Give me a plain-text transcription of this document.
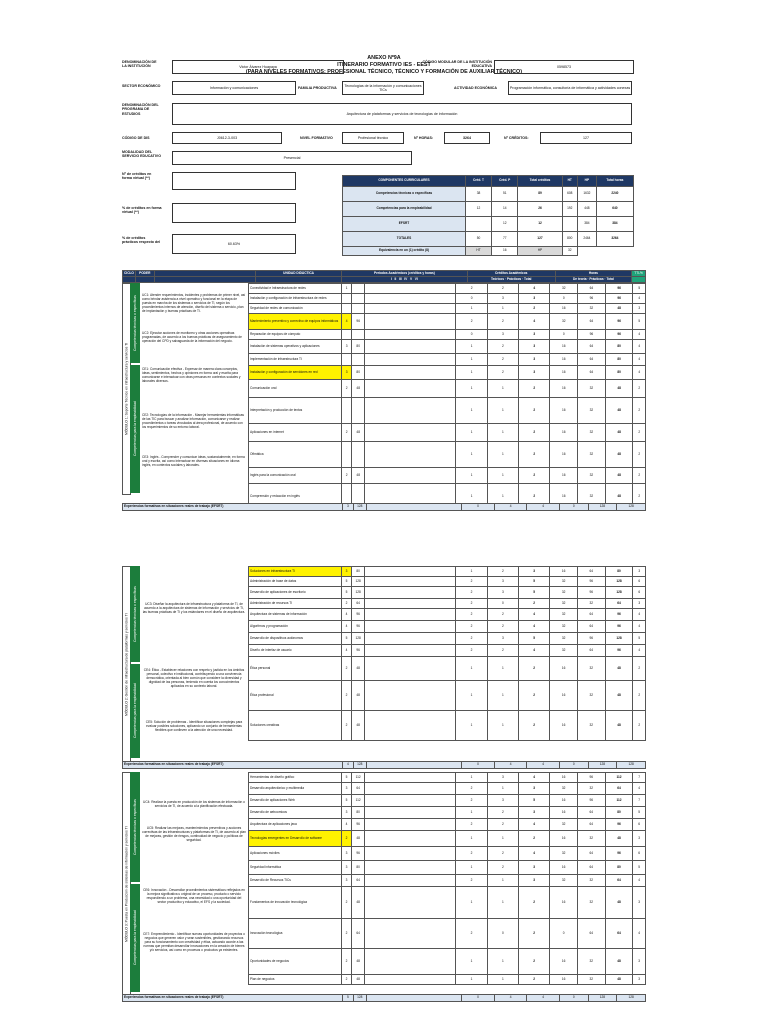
ANEXO Nº9A
ITINERARIO FORMATIVO IES - EEST
(PARA NIVELES FORMATIVOS: PROFESIONAL TÉCNICO, TÉCNICO Y FORMACIÓN DE AUXILIAR TÉCNICO)
DENOMINACIÓN DE LA INSTITUCIÓN	Victor Álvarez Huapaya
CÓDIGO MODULAR DE LA INSTITUCIÓN EDUCATIVA	0598573
SECTOR ECONÓMICO	Información y comunicaciones	FAMILIA PRODUCTIVA	Tecnologías de la información y comunicaciones TICs	ACTIVIDAD ECONÓMICA	Programación informática, consultoría de informática y actividades conexas
DENOMINACIÓN DEL PROGRAMA DE ESTUDIOS	Arquitectura de plataformas y servicios de tecnologías de información
CÓDIGO DE DIS	J0612-3-003	NIVEL FORMATIVO	Profesional técnico	Nº HORAS:	3264	Nº CRÉDITOS:	127
MODALIDAD DEL SERVICIO EDUCATIVO	Presencial
Nº de créditos en forma virtual (**)
% de créditos en forma virtual (**)
% de créditos prácticos respecto del	60.63%
COMPONENTES CURRICULARES	Créd. T	Créd. P	Total créditos	HT	HP	Total horas
Competencias técnicas o específicas	38	51	89	608	1632	2240
Competencias para la empleabilidad	12	14	26	192	448	640
EFSRT		12	12		384	384
TOTALES	50	77	127	800	2464	3264
Equivalencia en un (1) crédito (8)	HT	16	HP	32		
CICLO	PODER		UNIDAD DIDÁCTICA	Periodos Académicos (créditos y horas)	Créditos Académicos	Horas	TTL%
				I II III IV V VI	Teóricos · Prácticos · Total	De teoría · Prácticas · Total	
MÓDULO 1: Soporte Técnico en infraestructura y servicios TI
Competencias técnicas o específicas
Competencias para la empleabilidad
UC1: Atender requerimientos, incidentes y problemas de primer nivel, así como brindar asistencia a nivel operativo y funcional en la etapa de puesta en marcha de los sistemas o servicios de TI, según los procedimientos internos de atención, diseño del sistema o servicio, plan de implantación y buenas prácticas de TI.
UC2: Ejecutar acciones de monitoreo y otras acciones operativas programadas, de acuerdo a los buenas prácticas de aseguramiento de operación del CPD y salvaguarda de la información del negocio.
CE1: Comunicación efectiva - Expresar de manera clara conceptos, ideas, sentimientos, hechos y opiniones en forma oral y escrita para comunicarse e interactuar con otras personas en contextos sociales y laborales diversos.
CE2: Tecnologías de la información - Manejar herramientas informáticas de las TIC para buscar y analizar información, comunicarse y realizar procedimientos o tareas vinculados al área profesional, de acuerdo con los requerimientos de su entorno laboral.
CE3: Inglés - Comprender y comunicar ideas, sustancialmente, en forma oral y escrita, así como interactuar en diversas situaciones en idioma inglés, en contextos sociales y laborales.
Conectividad e Infraestructura de redes	1			2	2	4	32	64	96	5
Instalación y configuración de infraestructura de redes				0	3	3	0	96	96	4
Seguridad de redes de comunicación				1	1	2	16	32	48	3
Mantenimiento preventivo y correctivo de equipos informáticos	4	96		2	2	4	32	64	96	5
Reparación de equipos de cómputo				0	3	3	0	96	96	4
Instalación de sistemas operativos y aplicaciones	3	80		1	2	3	16	64	80	4
Implementación de infraestructura TI				1	2	3	16	64	80	4
Instalación y configuración de servidores en red	3	80		1	2	3	16	64	80	4
Comunicación oral	2	48		1	1	2	16	32	48	2
Interpretación y producción de textos				1	1	2	16	32	48	2
Aplicaciones en internet	2	48		1	1	2	16	32	48	2
Ofimática				1	1	2	16	32	48	2
Inglés para la comunicación oral	2	48		1	1	2	16	32	48	2
Comprensión y redacción en inglés				1	1	2	16	32	48	2
Experiencias formativas en situaciones reales de trabajo (EFSRT)	3	128		0	4	4	0	128	128
MÓDULO 2: Gestión de infraestructura de plataformas y servicios TI	Competencias técnicas o específicas
Competencias para la empleabilidad
UC3: Diseñar la arquitectura de infraestructura y plataforma de TI, de acuerdo a la arquitectura de sistemas de información y servicios de TI, las buenas prácticas de TI y los estándares en el diseño de arquitectura.
CE4: Ética - Establecer relaciones con respeto y justicia en los ámbitos personal, colectivo e institucional, contribuyendo a una convivencia democrática, orientada al bien común que considere la diversidad y dignidad de las personas, teniendo en cuenta los conocimientos aplicados en su contexto laboral.
CE5: Solución de problemas - Identificar situaciones complejas para evaluar posibles soluciones, aplicando un conjunto de herramientas flexibles que conlleven a la atención de una necesidad.
Soluciones en infraestructura TI	3	80		1	2	3	16	64	80	3
Administración de base de datos	5	128		2	3	5	32	96	128	6
Desarrollo de aplicaciones de escritorio	5	128		2	3	5	32	96	128	6
Administración de recursos TI	2	64		2	0	2	32	32	64	3
Arquitectura de sistemas de información	4	96		2	2	4	32	64	96	4
Algoritmos y programación	4	96		2	2	4	32	64	96	4
Desarrollo de dispositivos autónomos	5	128		2	3	5	32	96	128	5
Diseño de interfaz de usuario	4	96		2	2	4	32	64	96	4
Ética personal	2	48		1	1	2	16	32	48	2
Ética profesional	2	48		1	1	2	16	32	48	2
Soluciones creativas	2	48		1	1	2	16	32	48	2
Experiencias formativas en situaciones reales de trabajo (EFSRT)	4	128		0	4	4	0	128	128
MÓDULO 3: Puesta en Producción de sistemas de información y servicios TI	Competencias técnicas o específicas
Competencias para la empleabilidad
UC4: Realizar la puesta en producción de los sistemas de información o servicios de TI, de acuerdo a la planificación efectuada.
UC5: Realizar las mejoras, mantenimientos preventivos y acciones correctivas de las infraestructuras y plataformas de TI, de acuerdo al plan de mejoras, gestión de riesgos, continuidad de negocio y políticas de seguridad.
CE6: Innovación - Desarrollar procedimientos sistemáticos reflejados en la mejora significativa u original de un proceso, producto o servicio respondiendo a un problema, una necesidad o una oportunidad del sector productivo y educativo, el EFS y la sociedad.
CE7: Emprendimiento - Identificar nuevas oportunidades de proyectos o negocios que generen valor y sean sostenibles, gestionando recursos para su funcionamiento con creatividad y ética, actuando acorde a las normas que permitan desarrollar innovaciones en la creación de bienes y/o servicios, así como en procesos o productos ya existentes.
Herramientas de diseño gráfico	5	112		1	3	4	16	96	112	7
Desarrollo arquitectónico y multimedia	3	64		2	1	3	32	32	64	4
Desarrollo de aplicaciones Web	5	112		2	3	5	16	96	112	7
Desarrollo de aeboomicos	3	80		1	2	3	16	64	80	5
Arquitectura de aplicaciones java	4	96		2	2	4	32	64	96	6
Tecnologías emergentes en Desarrollo de software	2	48		1	1	2	16	32	48	3
Aplicaciones móviles	3	96		2	2	4	32	64	96	6
Seguridad informática	3	80		1	2	3	16	64	80	5
Desarrollo de Recursos TICs	3	64		2	1	3	32	32	64	4
Fundamentos de innovación tecnológica	2	48		1	1	2	16	32	48	3
Innovación tecnológica	2	64		2	0	2	0	64	64	4
Oportunidades de negocios	2	48		1	1	2	16	32	48	3
Plan de negocios	2	48		1	1	2	16	32	48	3
Experiencias formativas en situaciones reales de trabajo (EFSRT)	5	128		0	4	4	0	128	128
